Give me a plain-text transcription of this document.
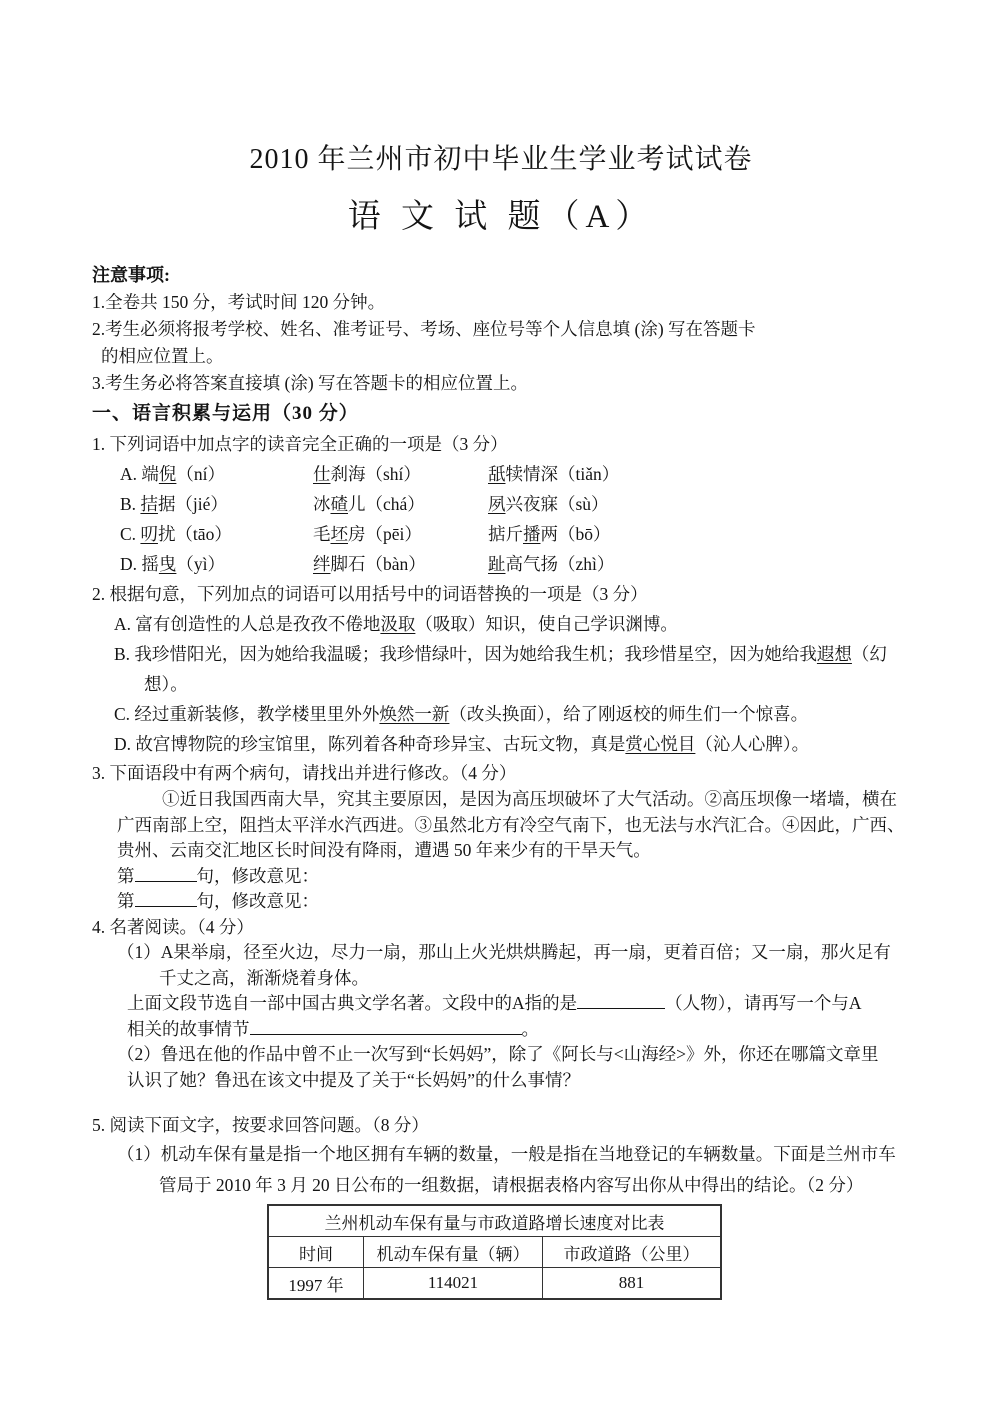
2010 年兰州市初中毕业生学业考试试卷
语 文 试 题（A）
注意事项:
1.全卷共 150 分，考试时间 120 分钟。
2.考生必须将报考学校、姓名、准考证号、考场、座位号等个人信息填 (涂) 写在答题卡
的相应位置上。
3.考生务必将答案直接填 (涂) 写在答题卡的相应位置上。
一、语言积累与运用（30 分）
1. 下列词语中加点字的读音完全正确的一项是（3 分）
A. 端倪（ní）	仕刹海（shí）	舐犊情深（tiǎn）
B. 拮据（jié）	冰碴儿（chá）	夙兴夜寐（sù）
C. 叨扰（tāo）	毛坯房（pēi）	掂斤播两（bō）
D. 摇曳（yì）	绊脚石（bàn）	趾高气扬（zhì）
2. 根据句意，下列加点的词语可以用括号中的词语替换的一项是（3 分）
A. 富有创造性的人总是孜孜不倦地汲取（吸取）知识，使自己学识渊博。
B. 我珍惜阳光，因为她给我温暖；我珍惜绿叶，因为她给我生机；我珍惜星空，因为她给我遐想（幻
想）。
C. 经过重新装修，教学楼里里外外焕然一新（改头换面），给了刚返校的师生们一个惊喜。
D. 故宫博物院的珍宝馆里，陈列着各种奇珍异宝、古玩文物，真是赏心悦目（沁人心脾）。
3. 下面语段中有两个病句，请找出并进行修改。（4 分）
①近日我国西南大旱，究其主要原因，是因为高压坝破坏了大气活动。②高压坝像一堵墙，横在
广西南部上空，阻挡太平洋水汽西进。③虽然北方有冷空气南下，也无法与水汽汇合。④因此，广西、
贵州、云南交汇地区长时间没有降雨，遭遇 50 年来少有的干旱天气。
第	句，修改意见：
第	句，修改意见：
4. 名著阅读。（4 分）
（1）A果举扇，径至火边，尽力一扇，那山上火光烘烘腾起，再一扇，更着百倍；又一扇，那火足有
千丈之高，渐渐烧着身体。
上面文段节选自一部中国古典文学名著。文段中的A指的是	（人物），请再写一个与A
相关的故事情节	。
（2）鲁迅在他的作品中曾不止一次写到“长妈妈”，除了《阿长与<山海经>》外，你还在哪篇文章里
认识了她？鲁迅在该文中提及了关于“长妈妈”的什么事情？
5. 阅读下面文字，按要求回答问题。（8 分）
（1）机动车保有量是指一个地区拥有车辆的数量，一般是指在当地登记的车辆数量。下面是兰州市车
管局于 2010 年 3 月 20 日公布的一组数据，请根据表格内容写出你从中得出的结论。（2 分）
兰州机动车保有量与市政道路增长速度对比表		
时间	机动车保有量（辆）	市政道路（公里）
1997 年	114021	881
